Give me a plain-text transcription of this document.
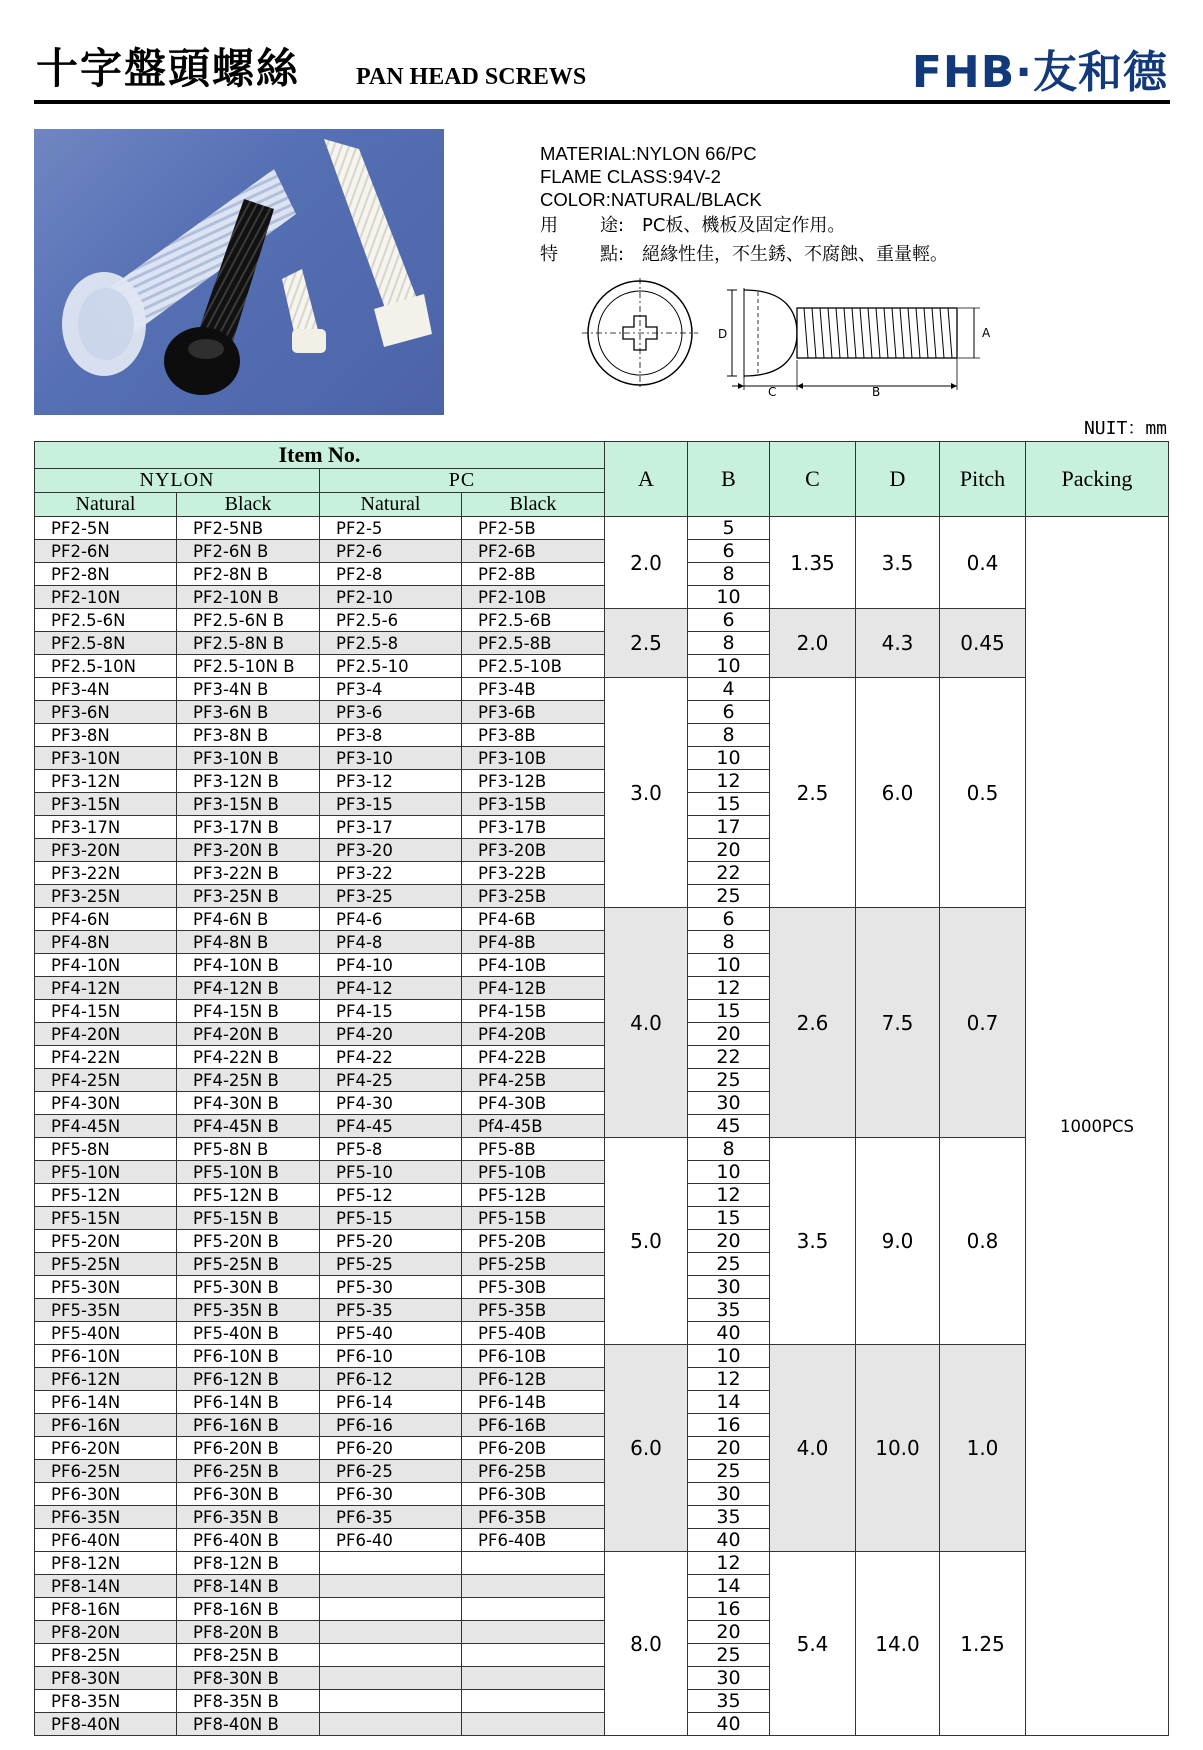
十字盤頭螺絲 PAN HEAD SCREWS	FHB·友和德
MATERIAL:NYLON 66/PC
FLAME CLASS:94V-2
COLOR:NATURAL/BLACK
用 途: PC板、機板及固定作用。
特 點: 絕緣性佳，不生銹、不腐蝕、重量輕。
D	A
C	B
NUIT：mm
Item No.				A	B	C	D	Pitch	Packing
NYLON		PC							
Natural	Black	Natural	Black						
PF2-5N	PF2-5NB	PF2-5	PF2-5B	2.0	5	1.35	3.5	0.4	1000PCS
PF2-6N	PF2-6N B	PF2-6	PF2-6B		6				
PF2-8N	PF2-8N B	PF2-8	PF2-8B		8				
PF2-10N	PF2-10N B	PF2-10	PF2-10B		10				
PF2.5-6N	PF2.5-6N B	PF2.5-6	PF2.5-6B	2.5	6	2.0	4.3	0.45	
PF2.5-8N	PF2.5-8N B	PF2.5-8	PF2.5-8B		8				
PF2.5-10N	PF2.5-10N B	PF2.5-10	PF2.5-10B		10				
PF3-4N	PF3-4N B	PF3-4	PF3-4B	3.0	4	2.5	6.0	0.5	
PF3-6N	PF3-6N B	PF3-6	PF3-6B		6				
PF3-8N	PF3-8N B	PF3-8	PF3-8B		8				
PF3-10N	PF3-10N B	PF3-10	PF3-10B		10				
PF3-12N	PF3-12N B	PF3-12	PF3-12B		12				
PF3-15N	PF3-15N B	PF3-15	PF3-15B		15				
PF3-17N	PF3-17N B	PF3-17	PF3-17B		17				
PF3-20N	PF3-20N B	PF3-20	PF3-20B		20				
PF3-22N	PF3-22N B	PF3-22	PF3-22B		22				
PF3-25N	PF3-25N B	PF3-25	PF3-25B		25				
PF4-6N	PF4-6N B	PF4-6	PF4-6B	4.0	6	2.6	7.5	0.7	
PF4-8N	PF4-8N B	PF4-8	PF4-8B		8				
PF4-10N	PF4-10N B	PF4-10	PF4-10B		10				
PF4-12N	PF4-12N B	PF4-12	PF4-12B		12				
PF4-15N	PF4-15N B	PF4-15	PF4-15B		15				
PF4-20N	PF4-20N B	PF4-20	PF4-20B		20				
PF4-22N	PF4-22N B	PF4-22	PF4-22B		22				
PF4-25N	PF4-25N B	PF4-25	PF4-25B		25				
PF4-30N	PF4-30N B	PF4-30	PF4-30B		30				
PF4-45N	PF4-45N B	PF4-45	Pf4-45B		45				
PF5-8N	PF5-8N B	PF5-8	PF5-8B	5.0	8	3.5	9.0	0.8	
PF5-10N	PF5-10N B	PF5-10	PF5-10B		10				
PF5-12N	PF5-12N B	PF5-12	PF5-12B		12				
PF5-15N	PF5-15N B	PF5-15	PF5-15B		15				
PF5-20N	PF5-20N B	PF5-20	PF5-20B		20				
PF5-25N	PF5-25N B	PF5-25	PF5-25B		25				
PF5-30N	PF5-30N B	PF5-30	PF5-30B		30				
PF5-35N	PF5-35N B	PF5-35	PF5-35B		35				
PF5-40N	PF5-40N B	PF5-40	PF5-40B		40				
PF6-10N	PF6-10N B	PF6-10	PF6-10B	6.0	10	4.0	10.0	1.0	
PF6-12N	PF6-12N B	PF6-12	PF6-12B		12				
PF6-14N	PF6-14N B	PF6-14	PF6-14B		14				
PF6-16N	PF6-16N B	PF6-16	PF6-16B		16				
PF6-20N	PF6-20N B	PF6-20	PF6-20B		20				
PF6-25N	PF6-25N B	PF6-25	PF6-25B		25				
PF6-30N	PF6-30N B	PF6-30	PF6-30B		30				
PF6-35N	PF6-35N B	PF6-35	PF6-35B		35				
PF6-40N	PF6-40N B	PF6-40	PF6-40B		40				
PF8-12N	PF8-12N B			8.0	12	5.4	14.0	1.25	
PF8-14N	PF8-14N B				14				
PF8-16N	PF8-16N B				16				
PF8-20N	PF8-20N B				20				
PF8-25N	PF8-25N B				25				
PF8-30N	PF8-30N B				30				
PF8-35N	PF8-35N B				35				
PF8-40N	PF8-40N B				40				
